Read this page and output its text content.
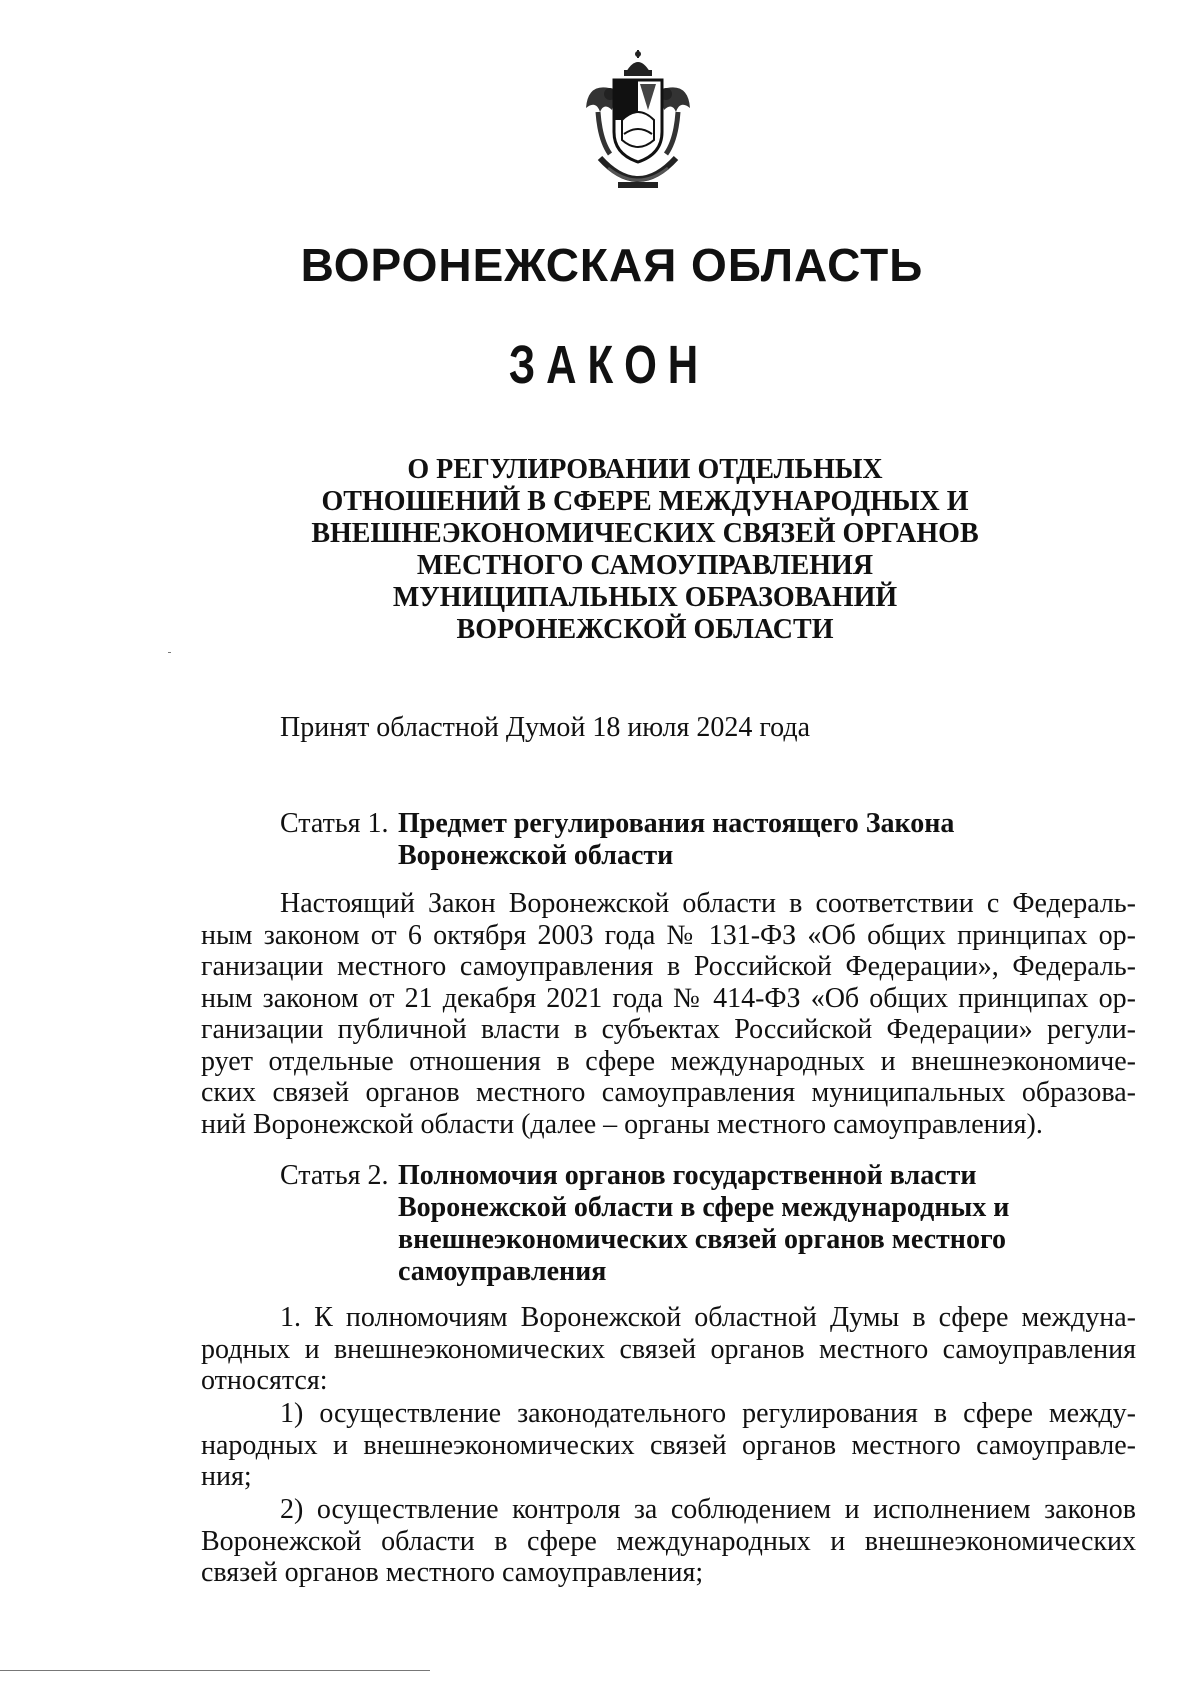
ВОРОНЕЖСКАЯ ОБЛАСТЬ
ЗАКОН
О РЕГУЛИРОВАНИИ ОТДЕЛЬНЫХ
ОТНОШЕНИЙ В СФЕРЕ МЕЖДУНАРОДНЫХ И
ВНЕШНЕЭКОНОМИЧЕСКИХ СВЯЗЕЙ ОРГАНОВ
МЕСТНОГО САМОУПРАВЛЕНИЯ
МУНИЦИПАЛЬНЫХ ОБРАЗОВАНИЙ
ВОРОНЕЖСКОЙ ОБЛАСТИ
Принят областной Думой 18 июля 2024 года
Статья 1. Предмет регулирования настоящего Закона
Воронежской области
Настоящий Закон Воронежской области в соответствии с Федераль-
ным законом от 6 октября 2003 года № 131-ФЗ «Об общих принципах ор-
ганизации местного самоуправления в Российской Федерации», Федераль-
ным законом от 21 декабря 2021 года № 414-ФЗ «Об общих принципах ор-
ганизации публичной власти в субъектах Российской Федерации» регули-
рует отдельные отношения в сфере международных и внешнеэкономиче-
ских связей органов местного самоуправления муниципальных образова-
ний Воронежской области (далее – органы местного самоуправления).
Статья 2. Полномочия органов государственной власти
Воронежской области в сфере международных и
внешнеэкономических связей органов местного
самоуправления
1. К полномочиям Воронежской областной Думы в сфере междуна-
родных и внешнеэкономических связей органов местного самоуправления
относятся:
1) осуществление законодательного регулирования в сфере между-
народных и внешнеэкономических связей органов местного самоуправле-
ния;
2) осуществление контроля за соблюдением и исполнением законов
Воронежской области в сфере международных и внешнеэкономических
связей органов местного самоуправления;
